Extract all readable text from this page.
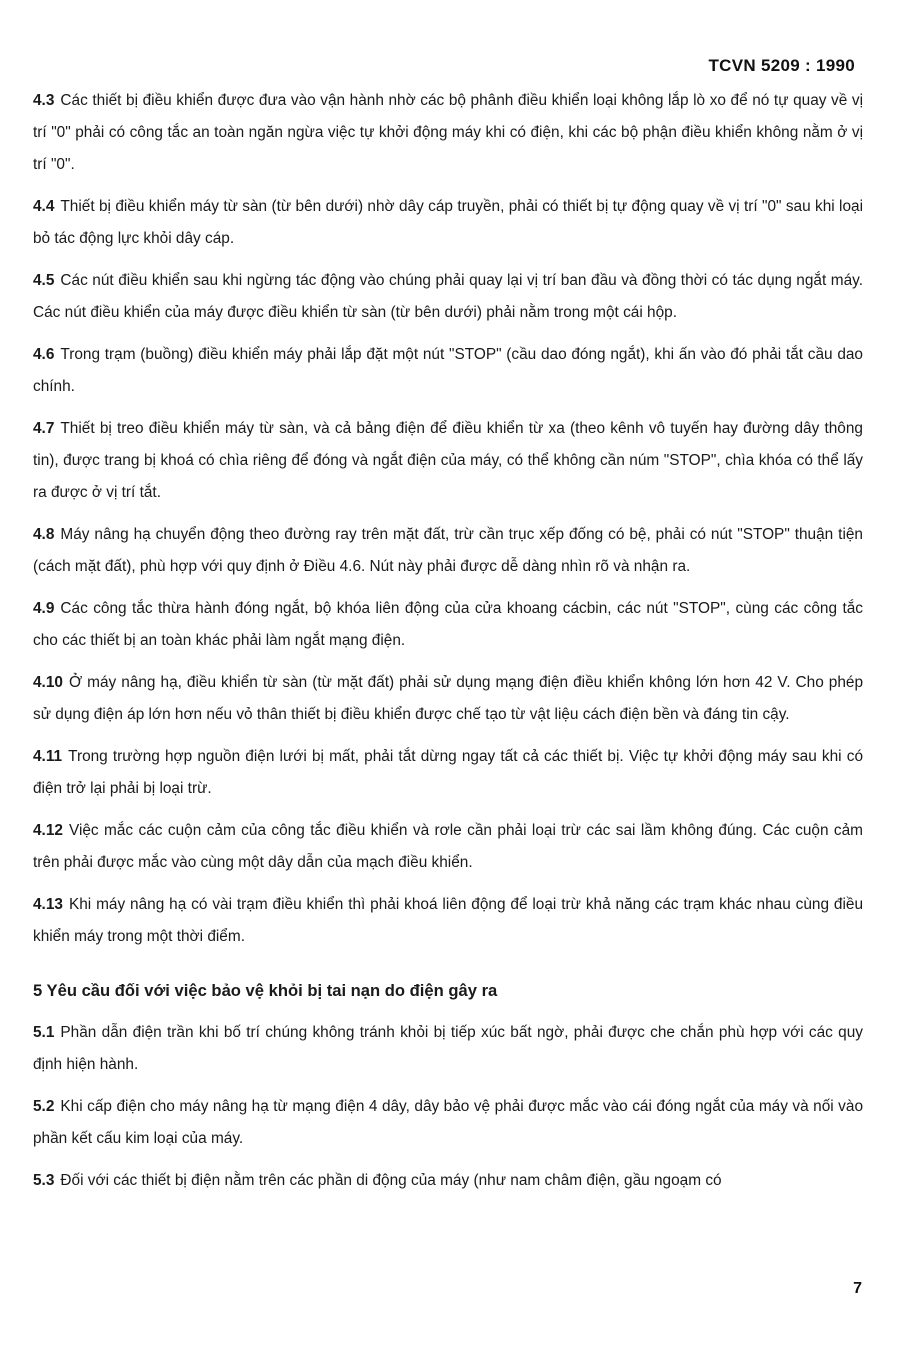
TCVN 5209 : 1990

4.3 Các thiết bị điều khiển được đưa vào vận hành nhờ các bộ phânh điều khiển loại không lắp lò xo để nó tự quay về vị trí "0" phải có công tắc an toàn ngăn ngừa việc tự khởi động máy khi có điện, khi các bộ phận điều khiển không nằm ở vị trí "0".

4.4 Thiết bị điều khiển máy từ sàn (từ bên dưới) nhờ dây cáp truyền, phải có thiết bị tự động quay về vị trí "0" sau khi loại bỏ tác động lực khỏi dây cáp.

4.5 Các nút điều khiển sau khi ngừng tác động vào chúng phải quay lại vị trí ban đầu và đồng thời có tác dụng ngắt máy. Các nút điều khiển của máy được điều khiển từ sàn (từ bên dưới) phải nằm trong một cái hộp.

4.6 Trong trạm (buồng) điều khiển máy phải lắp đặt một nút "STOP" (cầu dao đóng ngắt), khi ấn vào đó phải tắt cầu dao chính.

4.7 Thiết bị treo điều khiển máy từ sàn, và cả bảng điện để điều khiển từ xa (theo kênh vô tuyến hay đường dây thông tin), được trang bị khoá có chìa riêng để đóng và ngắt điện của máy, có thể không cần núm "STOP", chìa khóa có thể lấy ra được ở vị trí tắt.

4.8 Máy nâng hạ chuyển động theo đường ray trên mặt đất, trừ cần trục xếp đống có bệ, phải có nút "STOP" thuận tiện (cách mặt đất), phù hợp với quy định ở Điều 4.6. Nút này phải được dễ dàng nhìn rõ và nhận ra.

4.9 Các công tắc thừa hành đóng ngắt, bộ khóa liên động của cửa khoang cácbin, các nút "STOP", cùng các công tắc cho các thiết bị an toàn khác phải làm ngắt mạng điện.

4.10 Ở máy nâng hạ, điều khiển từ sàn (từ mặt đất) phải sử dụng mạng điện điều khiển không lớn hơn 42 V. Cho phép sử dụng điện áp lớn hơn nếu vỏ thân thiết bị điều khiển được chế tạo từ vật liệu cách điện bền và đáng tin cậy.

4.11 Trong trường hợp nguồn điện lưới bị mất, phải tắt dừng ngay tất cả các thiết bị. Việc tự khởi động máy sau khi có điện trở lại phải bị loại trừ.

4.12 Việc mắc các cuộn cảm của công tắc điều khiển và rơle cần phải loại trừ các sai lầm không đúng. Các cuộn cảm trên phải được mắc vào cùng một dây dẫn của mạch điều khiển.

4.13 Khi máy nâng hạ có vài trạm điều khiển thì phải khoá liên động để loại trừ khả năng các trạm khác nhau cùng điều khiển máy trong một thời điểm.

5 Yêu cầu đối với việc bảo vệ khỏi bị tai nạn do điện gây ra

5.1 Phần dẫn điện trần khi bố trí chúng không tránh khỏi bị tiếp xúc bất ngờ, phải được che chắn phù hợp với các quy định hiện hành.

5.2 Khi cấp điện cho máy nâng hạ từ mạng điện 4 dây, dây bảo vệ phải được mắc vào cái đóng ngắt của máy và nối vào phần kết cấu kim loại của máy.

5.3 Đối với các thiết bị điện nằm trên các phần di động của máy (như nam châm điện, gầu ngoạm có

7
